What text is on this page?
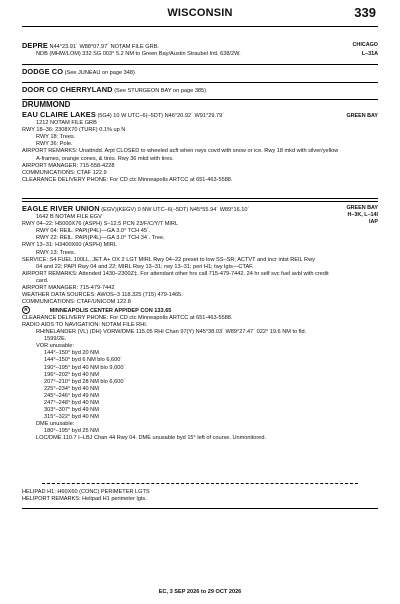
WISCONSIN	339
DEPRE N44°23.91´ W88°07.97´ NOTAM FILE GRB.
NDB (MHW/LOM) 332 SG 003° 5.2 NM to Green Bay/Austin Straubel Intl. 638/2W.
CHICAGO
L–31A
DODGE CO (See JUNEAU on page 348)
DOOR CO CHERRYLAND (See STURGEON BAY on page 385)
DRUMMOND
EAU CLAIRE LAKES (5G4) 10 W UTC–6(–5DT) N46°20.92´ W91°29.79´
1212 NOTAM FILE GRB
GREEN BAY
RWY 18–36: 2308X70 (TURF) 0.1% up N
RWY 18: Trees.
RWY 36: Pole.
AIRPORT REMARKS: Unattndd. Arpt CLOSED to wheeled acft when rwys covd with snow or ice. Rwy 18 mkd with silver/yellow
A-frames, orange cones, & tires. Rwy 36 mkd with tires.
AIRPORT MANAGER: 715-558-4228
COMMUNICATIONS: CTAF 122.9
CLEARANCE DELIVERY PHONE: For CD ctc Minneapolis ARTCC at 651-463-5588.
EAGLE RIVER UNION (EGV)(KEGV) 0 NW UTC–6(–5DT) N45°55.94´ W89°16.10´
1642 B NOTAM FILE EGV
GREEN BAY
H–3K, L–14I
IAP
RWY 04–22: H5000X76 (ASPH) S–12.5 PCN 23/F/C/Y/T MIRL
RWY 04: REIL. PAPI(P4L)—GA 3.0° TCH 45´.
RWY 22: REIL. PAPI(P4L)—GA 3.0° TCH 34´. Tree.
RWY 13–31: H3400X60 (ASPH) MIRL
RWY 13: Trees.
SERVICE: S4 FUEL 100LL, JET A+ OX 2 LGT MIRL Rwy 04–22 preset to low SS–SR; ACTVT and incr intst REIL Rwy
04 and 22; PAPI Rwy 04 and 22; MIRL Rwy 13–31; rwy 13–31; peri H1; twy lgts—CTAF.
AIRPORT REMARKS: Attended 1430–2300Z‡. For attendant other hrs call 715-479-7442. 24 hr self svc fuel avbl with credit
card.
AIRPORT MANAGER: 715-479-7442
WEATHER DATA SOURCES: AWOS–3 118.325 (715) 479-1465.
COMMUNICATIONS: CTAF/UNICOM 122.8
R	MINNEAPOLIS CENTER APP/DEP CON 133.65
CLEARANCE DELIVERY PHONE: For CD ctc Minneapolis ARTCC at 651-463-5588.
RADIO AIDS TO NAVIGATION: NOTAM FILE RHI.
RHINELANDER (VL) (DH) VORW/DME 115.05 RHI Chan 97(Y) N45°38.03´ W89°27.47´ 022° 19.6 NM to fld.
1599/2E.
VOR unusable:
144°–150° byd 20 NM
144°–150° byd 6 NM blo 6,600´
190°–195° byd 40 NM blo 9,000´
196°–202° byd 40 NM
207°–210° byd 28 NM blo 6,600´
225°–234° byd 40 NM
245°–246° byd 49 NM
247°–248° byd 40 NM
303°–307° byd 49 NM
315°–322° byd 40 NM
DME unusable:
180°–195° byd 25 NM
LOC/DME 110.7 I–LBJ Chan 44 Rwy 04. DME unusable byd 15° left of course. Unmonitored.
HELIPAD H1: H60X60 (CONC) PERIMETER LGTS
HELIPORT REMARKS: Helipad H1 perimeter lgts.
EC, 3 SEP 2026 to 29 OCT 2026
